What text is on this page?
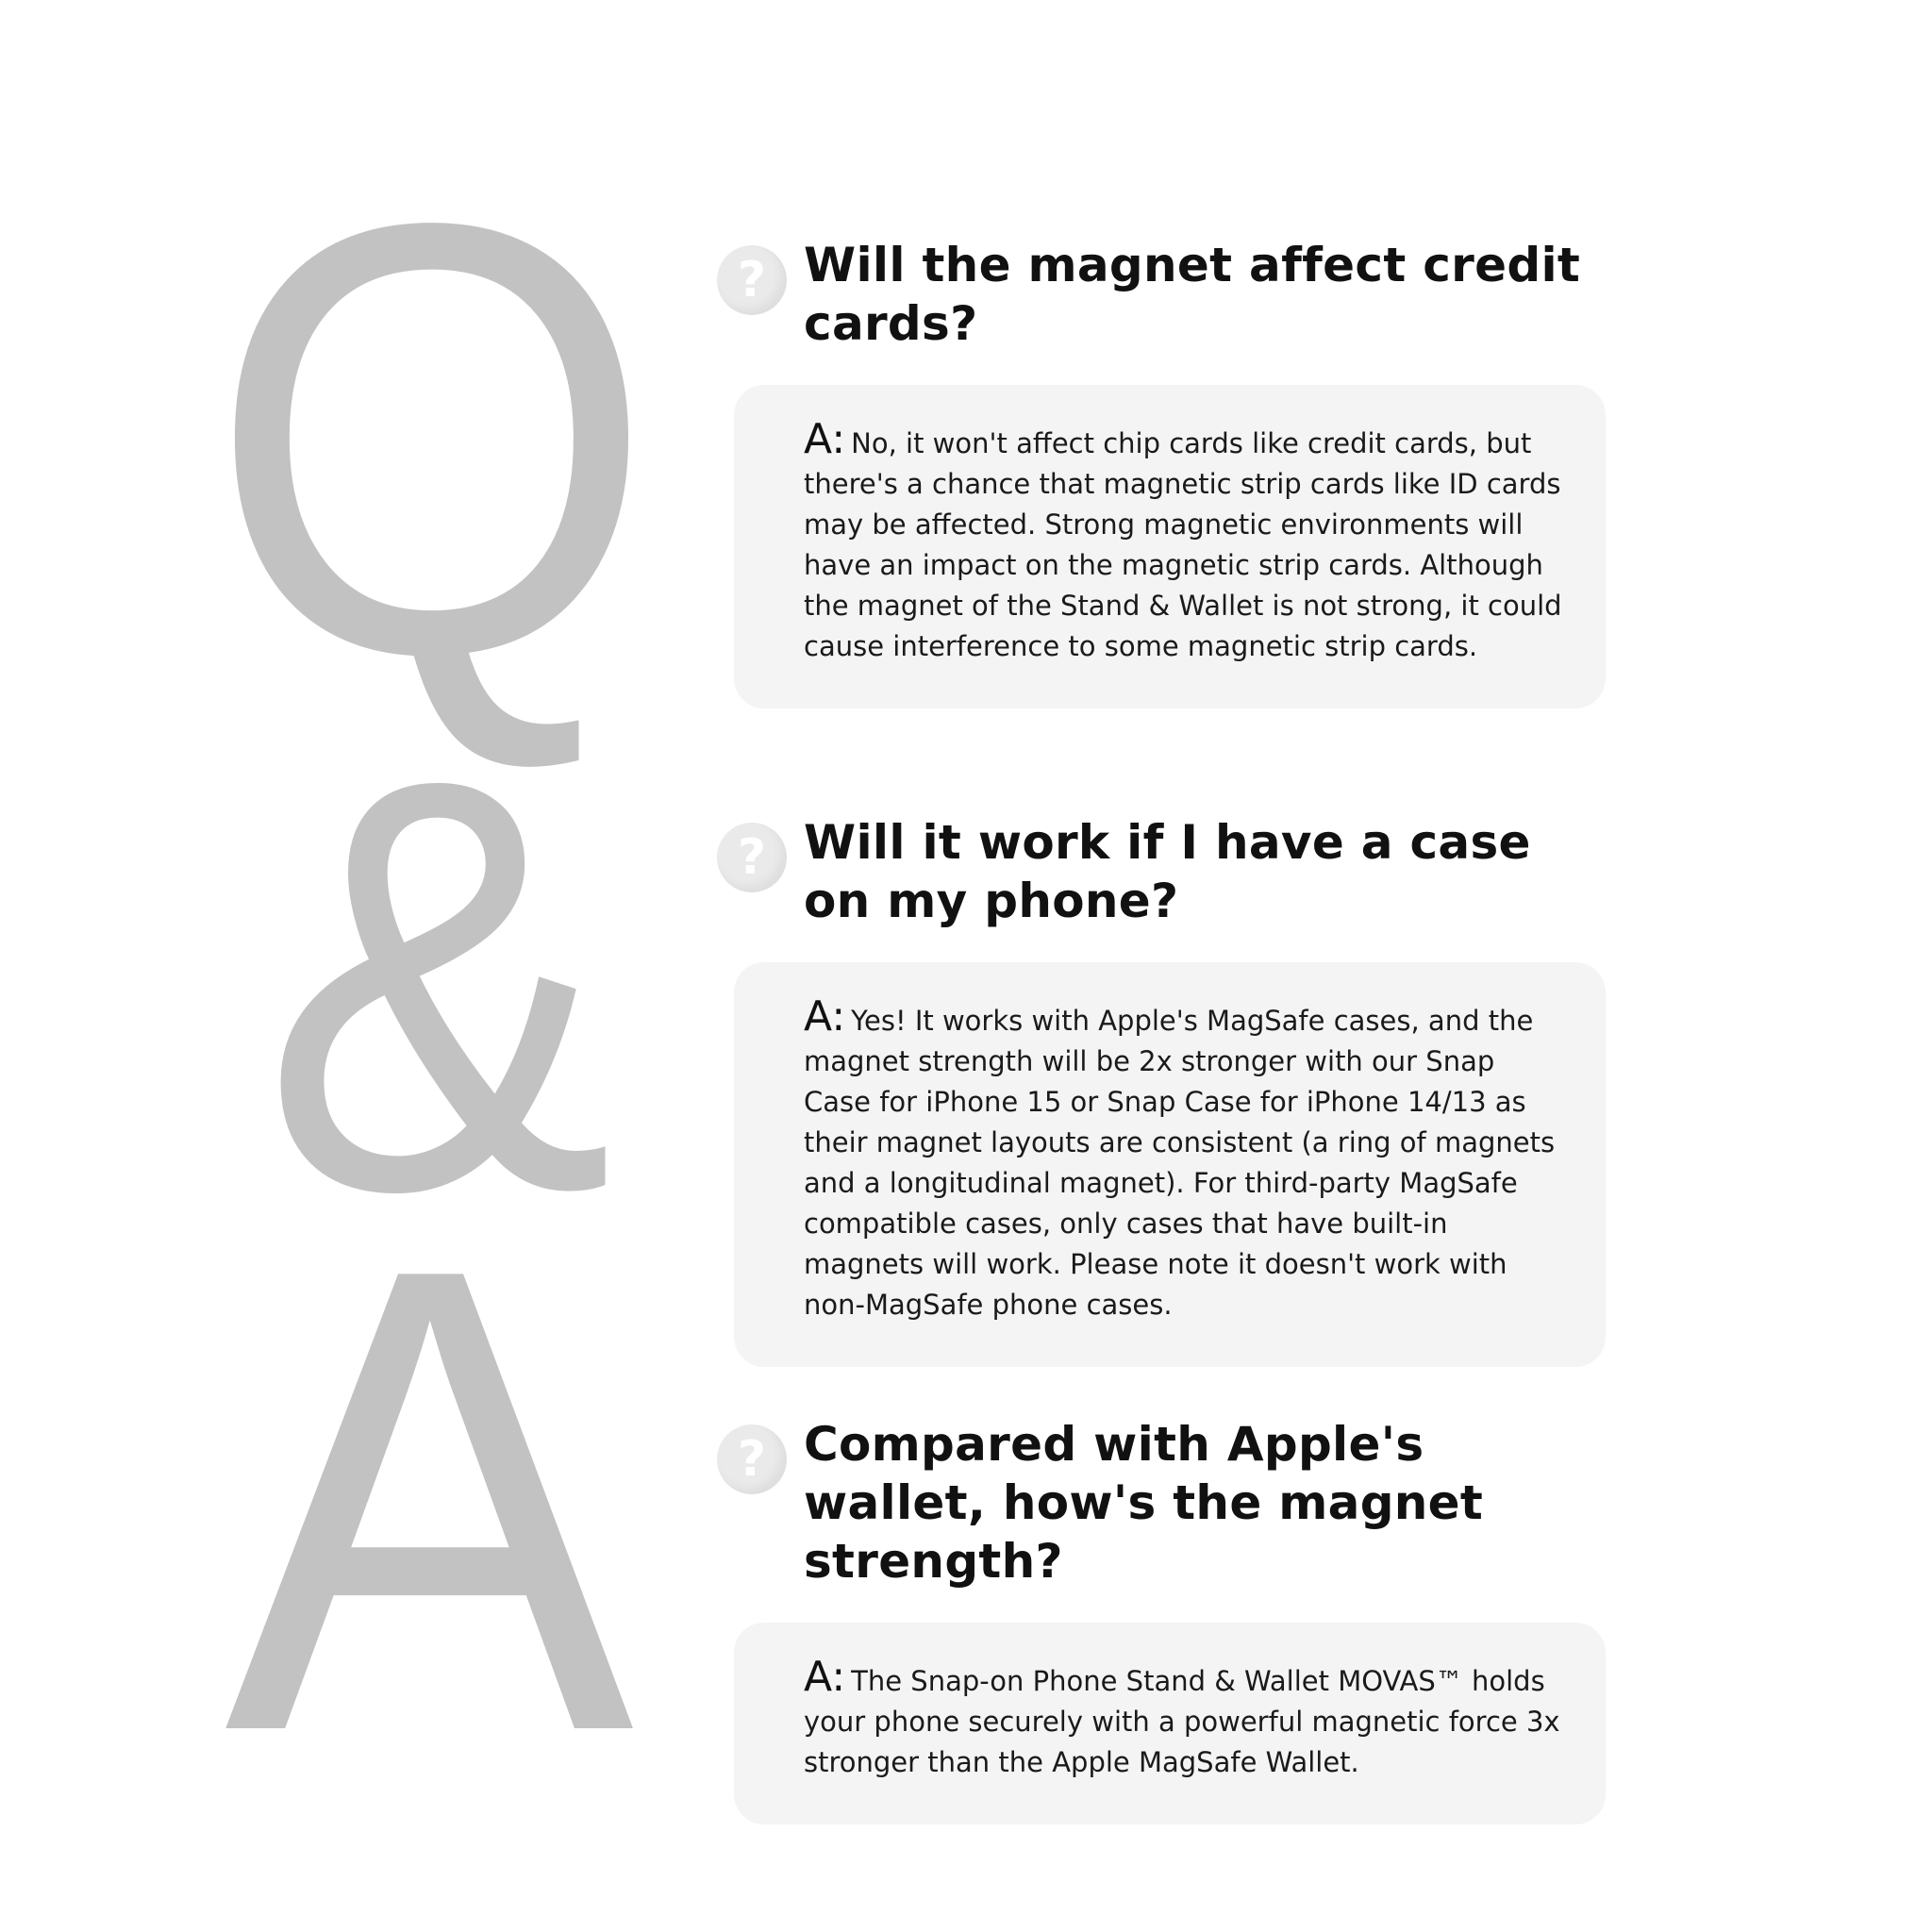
Q
&
A
? Will the magnet affect credit cards?

A: No, it won't affect chip cards like credit cards, but there's a chance that magnetic strip cards like ID cards may be affected. Strong magnetic environments will have an impact on the magnetic strip cards. Although the magnet of the Stand & Wallet is not strong, it could cause interference to some magnetic strip cards.

? Will it work if I have a case on my phone?

A: Yes! It works with Apple's MagSafe cases, and the magnet strength will be 2x stronger with our Snap Case for iPhone 15 or Snap Case for iPhone 14/13 as their magnet layouts are consistent (a ring of magnets and a longitudinal magnet). For third-party MagSafe compatible cases, only cases that have built-in magnets will work. Please note it doesn't work with non-MagSafe phone cases.

? Compared with Apple's wallet, how's the magnet strength?

A: The Snap-on Phone Stand & Wallet MOVAS™ holds your phone securely with a powerful magnetic force 3x stronger than the Apple MagSafe Wallet.
